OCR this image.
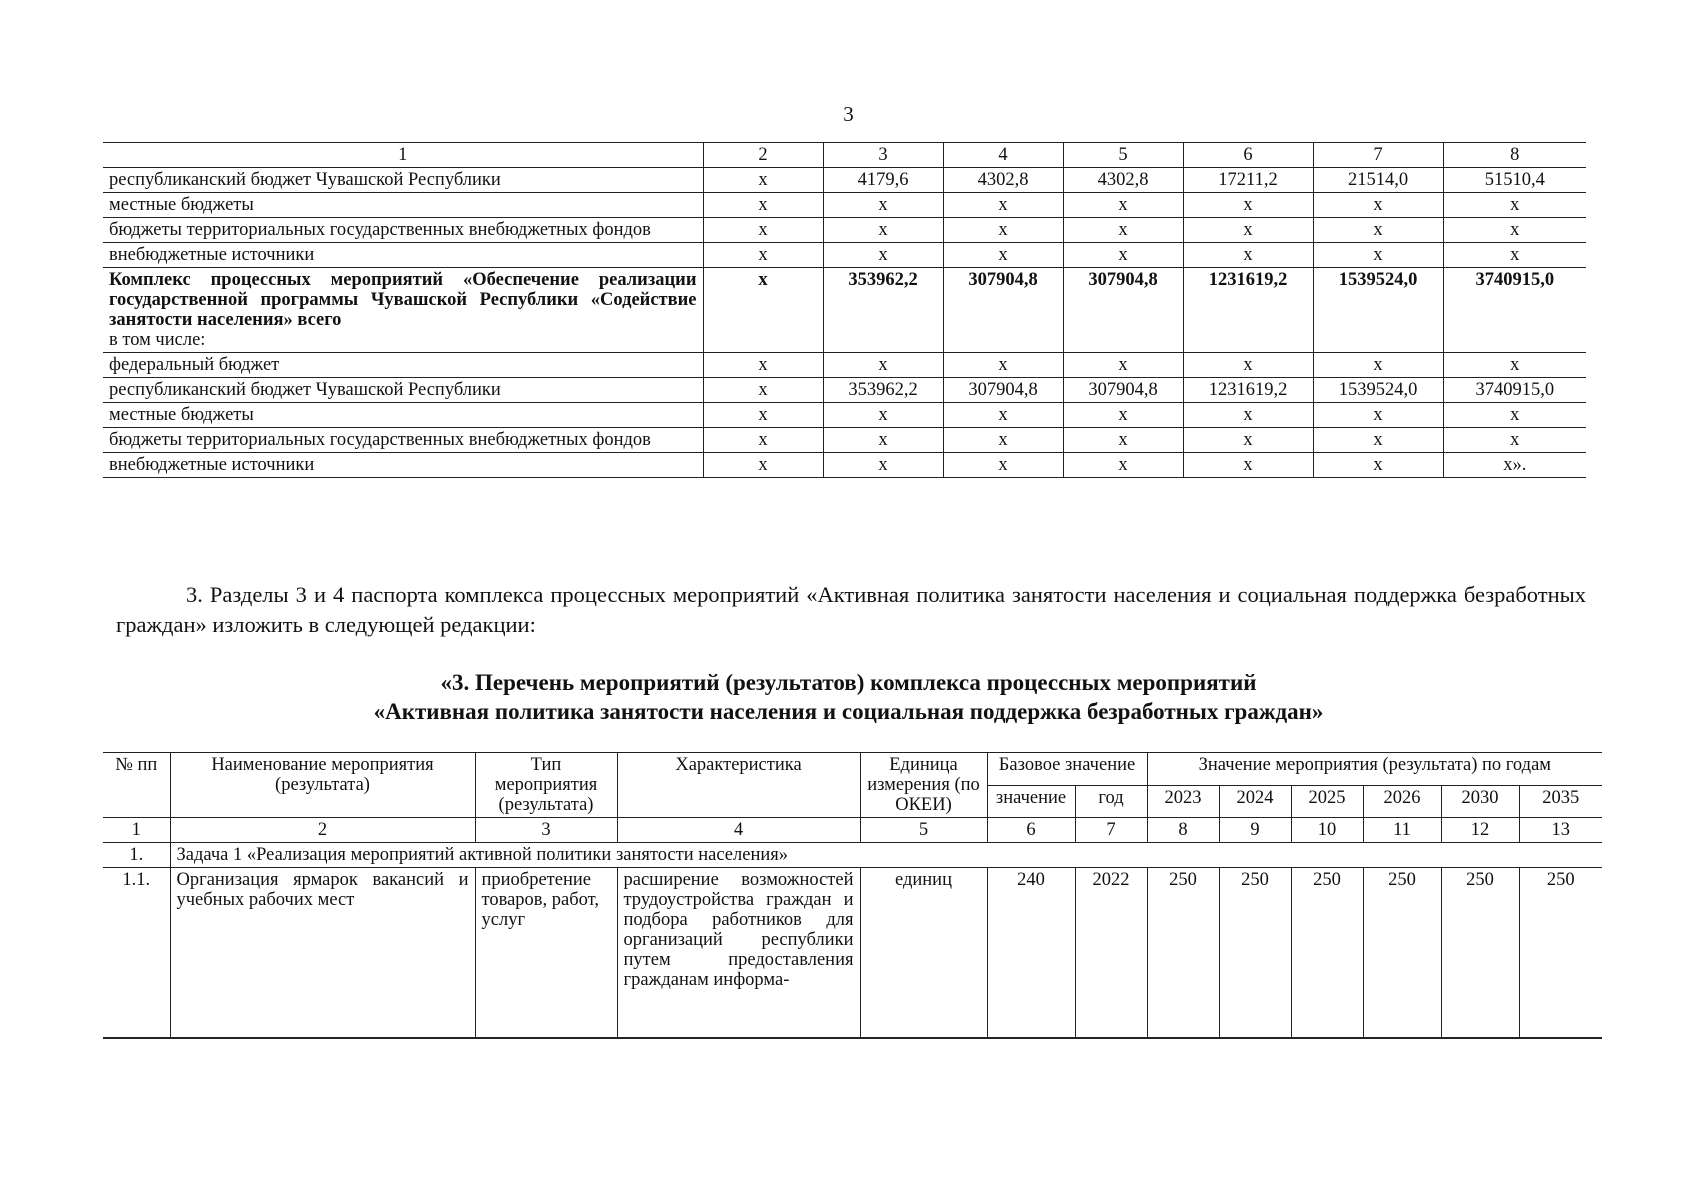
3
1	2	3	4	5	6	7	8
республиканский бюджет Чувашской Республики	x	4179,6	4302,8	4302,8	17211,2	21514,0	51510,4
местные бюджеты	x	x	x	x	x	x	x
бюджеты территориальных государственных внебюджетных фондов	x	x	x	x	x	x	x
внебюджетные источники	x	x	x	x	x	x	x

Комплекс процессных мероприятий «Обеспечение реализации государственной программы Чувашской Республики «Содействие занятости населения» всего
в том числе:	x	353962,2	307904,8	307904,8	1231619,2	1539524,0	3740915,0
федеральный бюджет	x	x	x	x	x	x	x
республиканский бюджет Чувашской Республики	x	353962,2	307904,8	307904,8	1231619,2	1539524,0	3740915,0
местные бюджеты	x	x	x	x	x	x	x
бюджеты территориальных государственных внебюджетных фондов	x	x	x	x	x	x	x
внебюджетные источники	x	x	x	x	x	x	x».
3. Разделы 3 и 4 паспорта комплекса процессных мероприятий «Активная политика занятости населения и социальная поддержка безработных граждан» изложить в следующей редакции:
«3. Перечень мероприятий (результатов) комплекса процессных мероприятий
«Активная политика занятости населения и социальная поддержка безработных граждан»
№ пп	Наименование мероприятия (результата)	Тип мероприятия (результата)	Характеристика	Единица измерения (по ОКЕИ)	Базовое значение		Значение мероприятия (результата) по годам					
					значение	год	2023	2024	2025	2026	2030	2035
1	2	3	4	5	6	7	8	9	10	11	12	13
1.	Задача 1 «Реализация мероприятий активной политики занятости населения»											
1.1.	Организация ярмарок вакансий и учебных рабочих мест	приобретение товаров, работ, услуг	расширение возможностей трудоустройства граждан и подбора работников для организаций республики путем предоставления гражданам информа-	единиц	240	2022	250	250	250	250	250	250
